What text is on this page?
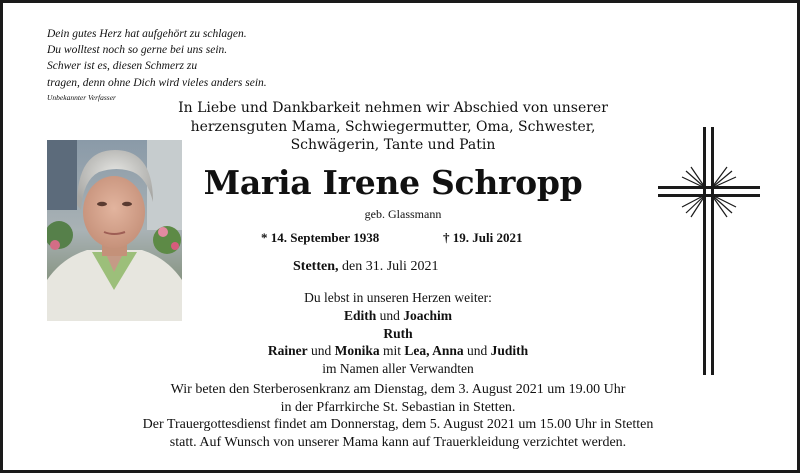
Dein gutes Herz hat aufgehört zu schlagen.
Du wolltest noch so gerne bei uns sein.
Schwer ist es, diesen Schmerz zu
tragen, denn ohne Dich wird vieles anders sein.
Unbekannter Verfasser
In Liebe und Dankbarkeit nehmen wir Abschied von unserer
herzensguten Mama, Schwiegermutter, Oma, Schwester,
Schwägerin, Tante und Patin
Maria Irene Schropp
geb. Glassmann
* 14. September 1938	† 19. Juli 2021
Stetten, den 31. Juli 2021
Du lebst in unseren Herzen weiter:
Edith und Joachim
Ruth
Rainer und Monika mit Lea, Anna und Judith
im Namen aller Verwandten
Wir beten den Sterberosenkranz am Dienstag, dem 3. August 2021 um 19.00 Uhr
in der Pfarrkirche St. Sebastian in Stetten.
Der Trauergottesdienst findet am Donnerstag, dem 5. August 2021 um 15.00 Uhr in Stetten
statt. Auf Wunsch von unserer Mama kann auf Trauerkleidung verzichtet werden.
